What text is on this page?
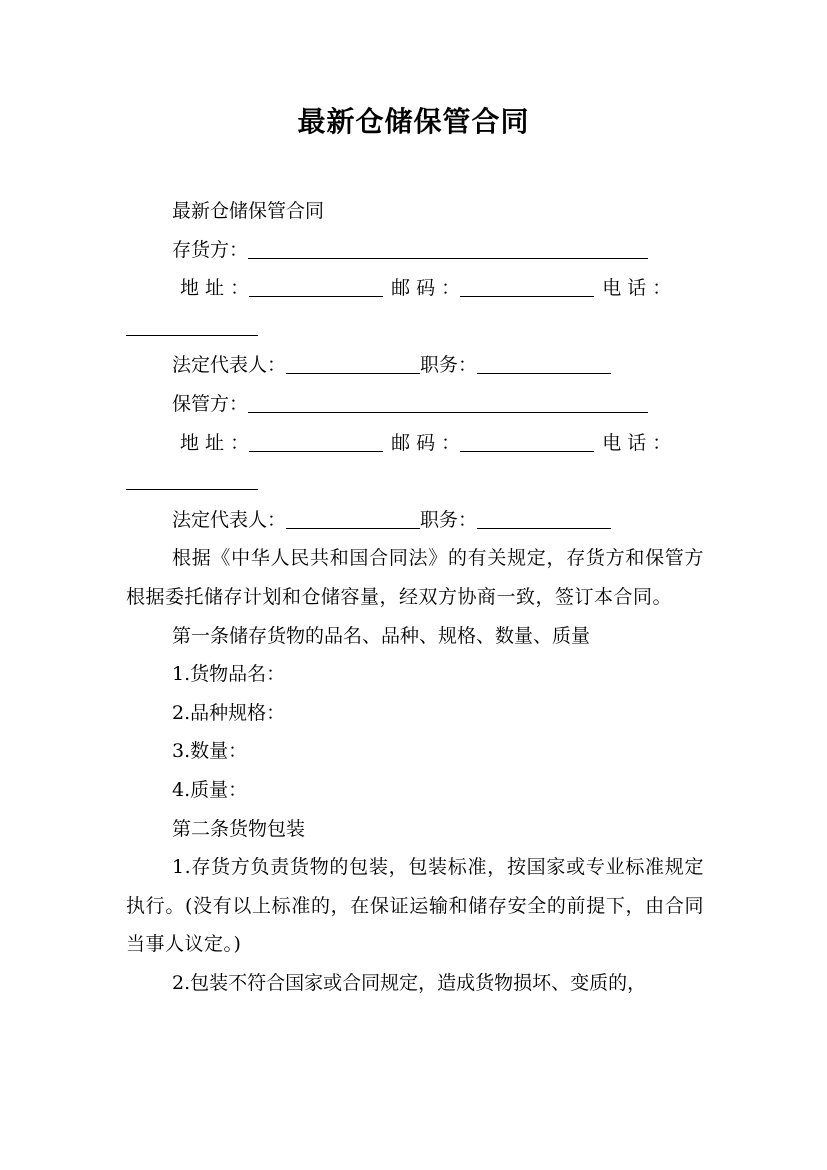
最新仓储保管合同

最新仓储保管合同

存货方：

地 址 ：	邮 码 ：	电 话 ：

法定代表人：	职务：

保管方：

地 址 ：	邮 码 ：	电 话 ：

法定代表人：	职务：

根据《中华人民共和国合同法》的有关规定，存货方和保管方根据委托储存计划和仓储容量，经双方协商一致，签订本合同。

第一条储存货物的品名、品种、规格、数量、质量

1.货物品名：

2.品种规格：

3.数量：

4.质量：

第二条货物包装

1.存货方负责货物的包装，包装标准，按国家或专业标准规定执行。(没有以上标准的，在保证运输和储存安全的前提下，由合同当事人议定。)

2.包装不符合国家或合同规定，造成货物损坏、变质的，
